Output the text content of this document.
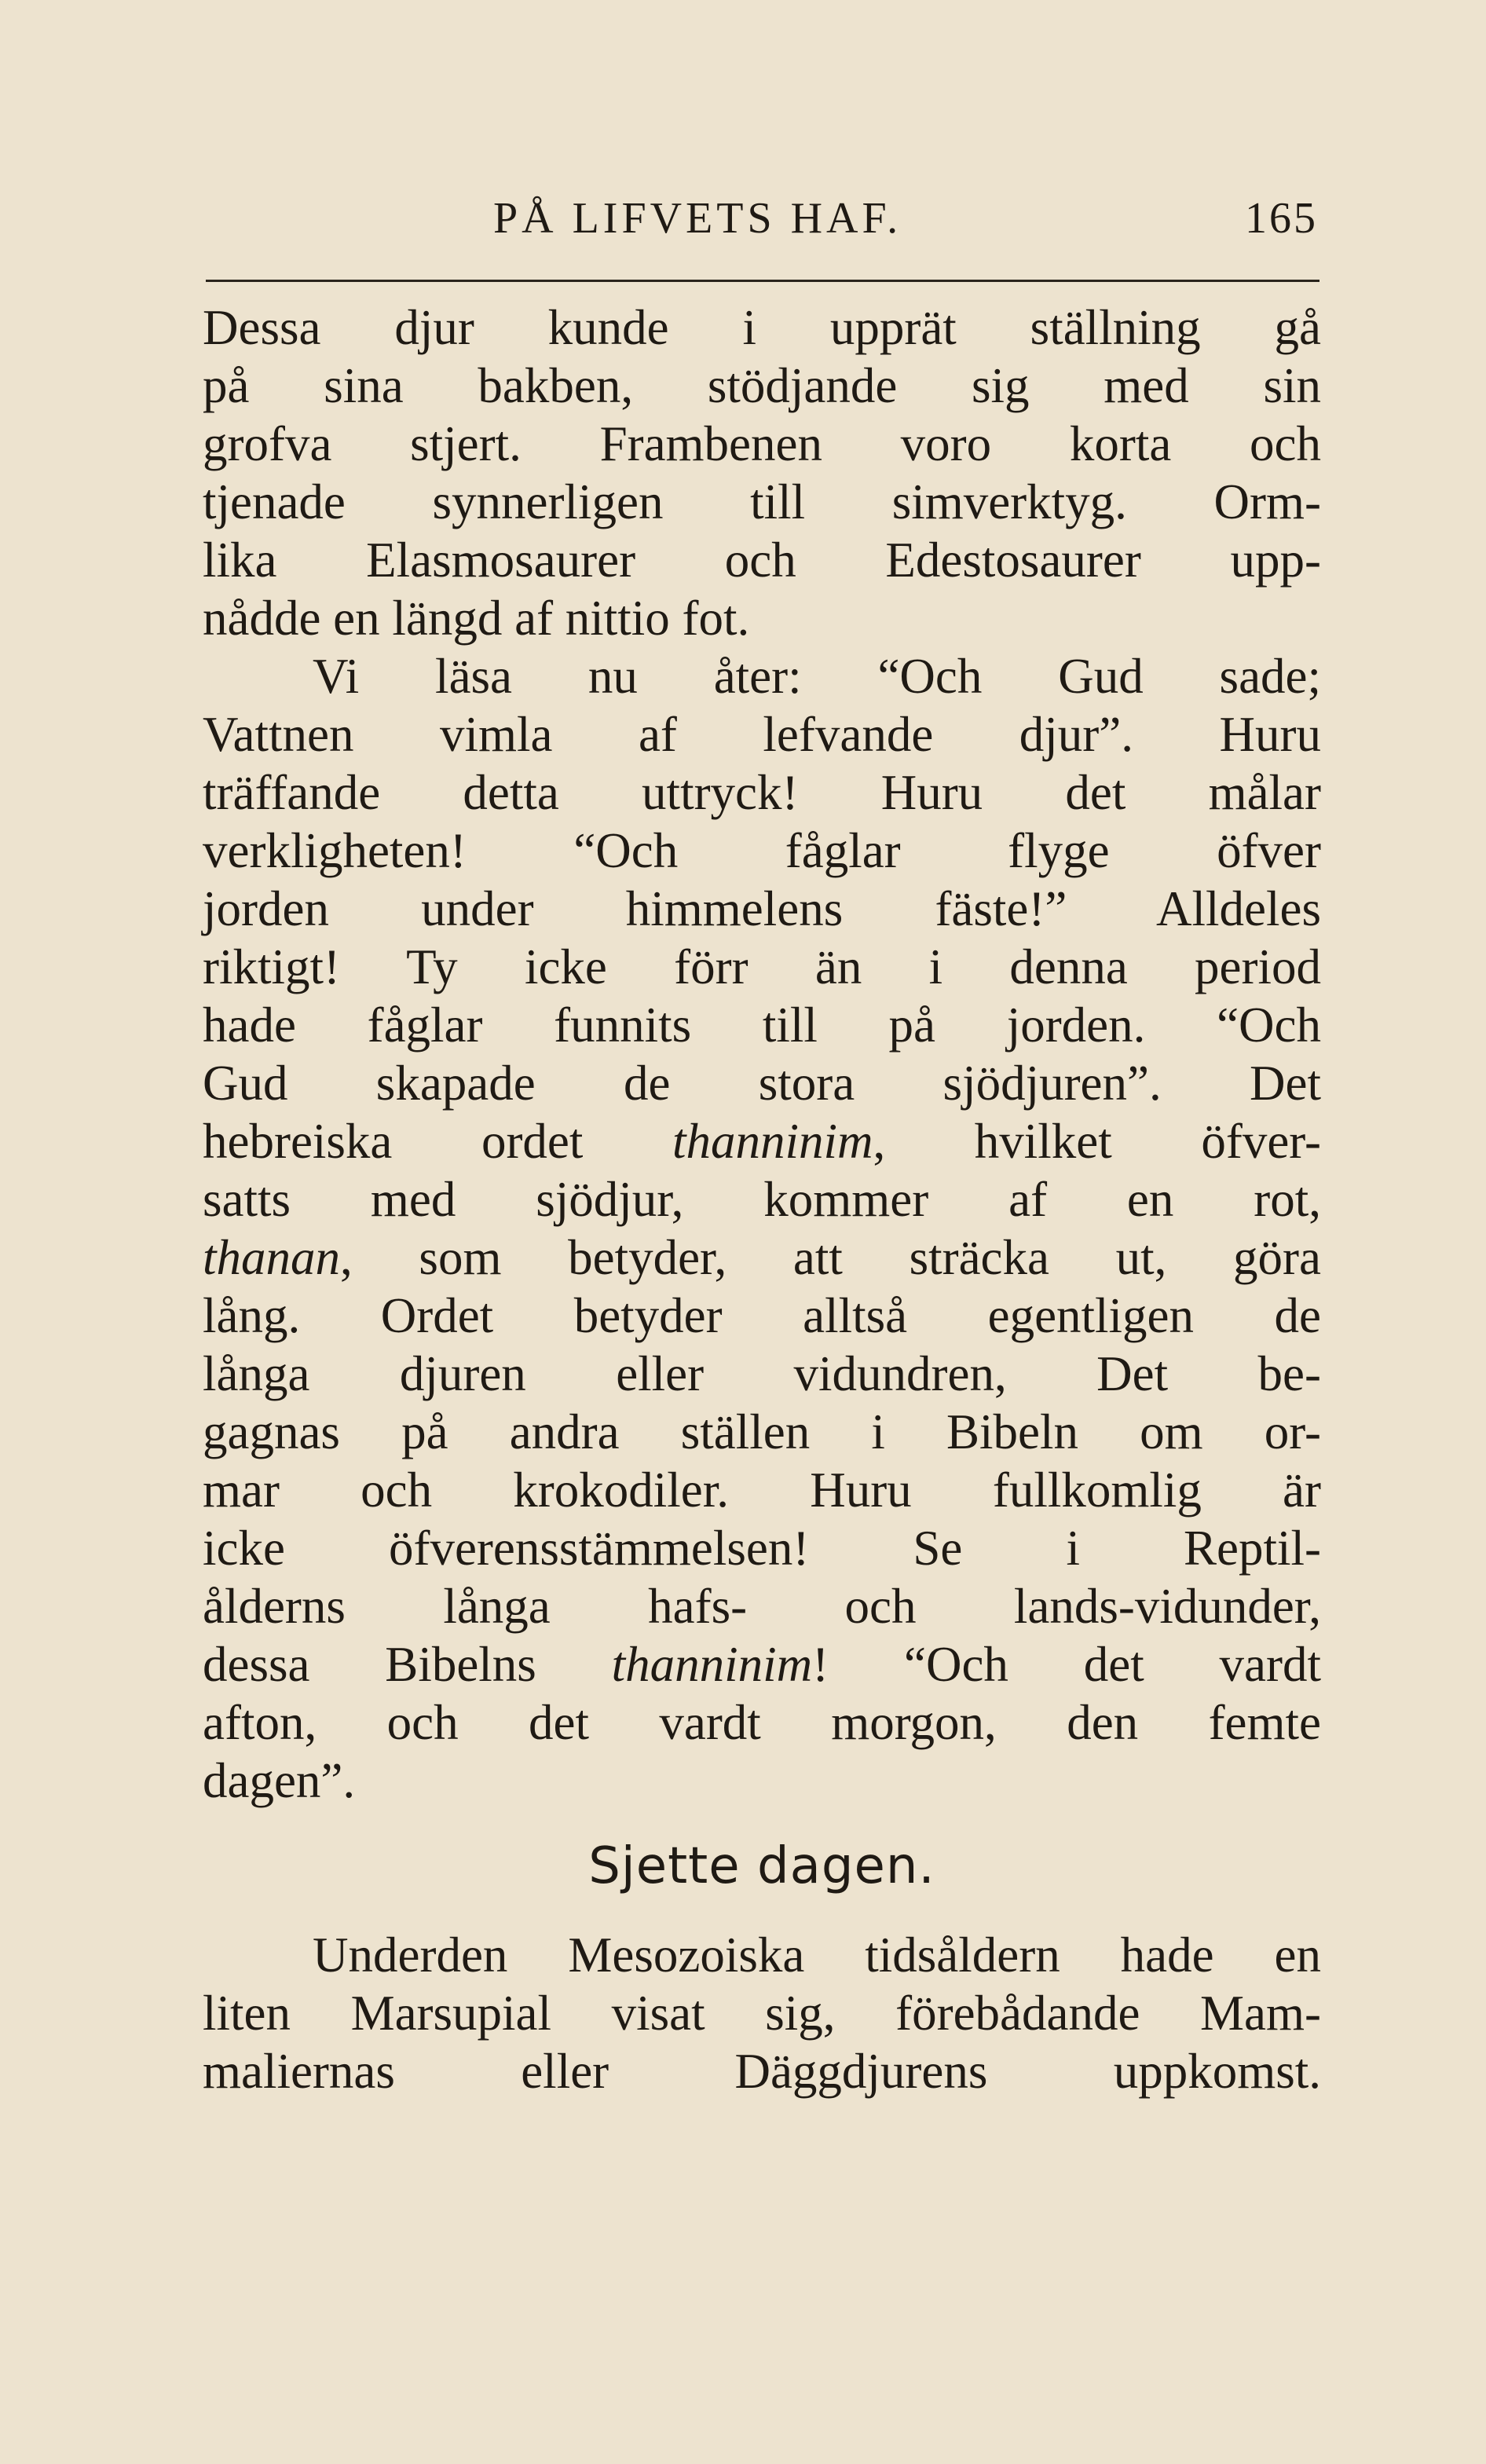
PÅ LIFVETS HAF.	165
Dessa djur kunde i upprät ställning gå
på sina bakben, stödjande sig med sin
grofva stjert. Frambenen voro korta och
tjenade synnerligen till simverktyg. Orm-
lika Elasmosaurer och Edestosaurer upp-
nådde en längd af nittio fot.
Vi läsa nu åter: “Och Gud sade;
Vattnen vimla af lefvande djur”. Huru
träffande detta uttryck! Huru det målar
verkligheten! “Och fåglar flyge öfver
jorden under himmelens fäste!” Alldeles
riktigt! Ty icke förr än i denna period
hade fåglar funnits till på jorden. “Och
Gud skapade de stora sjödjuren”. Det
hebreiska ordet thanninim, hvilket öfver-
satts med sjödjur, kommer af en rot,
thanan, som betyder, att sträcka ut, göra
lång. Ordet betyder alltså egentligen de
långa djuren eller vidundren, Det be-
gagnas på andra ställen i Bibeln om or-
mar och krokodiler. Huru fullkomlig är
icke öfverensstämmelsen! Se i Reptil-
ålderns långa hafs- och lands-vidunder,
dessa Bibelns thanninim! “Och det vardt
afton, och det vardt morgon, den femte
dagen”.
Sjette dagen.
Underden Mesozoiska tidsåldern hade en
liten Marsupial visat sig, förebådande Mam-
maliernas eller Däggdjurens uppkomst.
